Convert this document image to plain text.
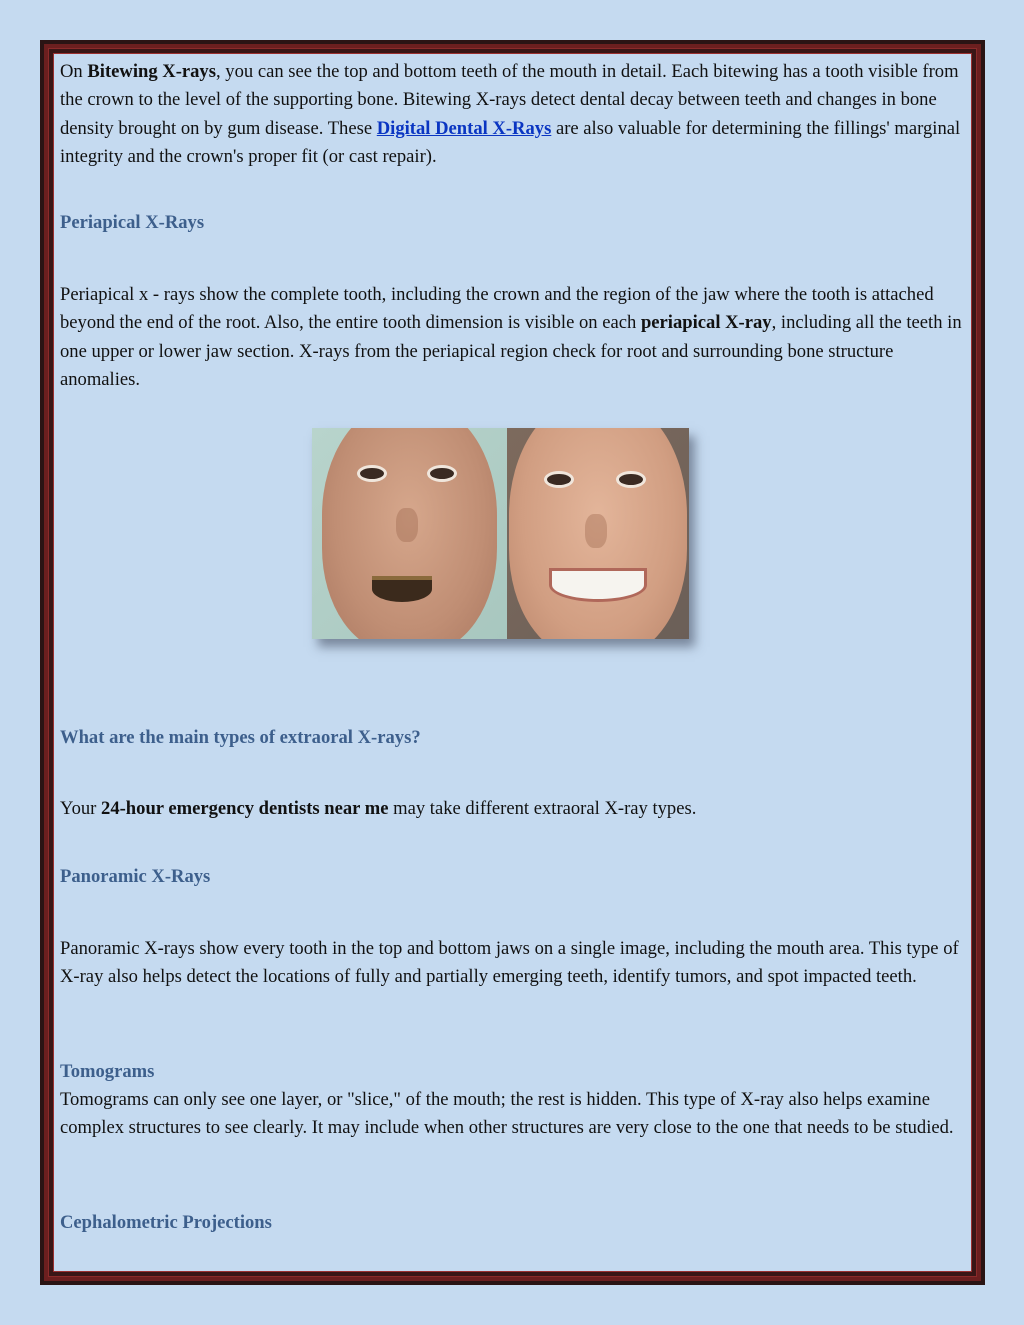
On Bitewing X-rays, you can see the top and bottom teeth of the mouth in detail. Each bitewing has a tooth visible from the crown to the level of the supporting bone. Bitewing X-rays detect dental decay between teeth and changes in bone density brought on by gum disease. These Digital Dental X-Rays are also valuable for determining the fillings' marginal integrity and the crown's proper fit (or cast repair).

Periapical X-Rays

Periapical x - rays show the complete tooth, including the crown and the region of the jaw where the tooth is attached beyond the end of the root. Also, the entire tooth dimension is visible on each periapical X-ray, including all the teeth in one upper or lower jaw section. X-rays from the periapical region check for root and surrounding bone structure anomalies.

What are the main types of extraoral X-rays?

Your 24-hour emergency dentists near me may take different extraoral X-ray types.

Panoramic X-Rays

Panoramic X-rays show every tooth in the top and bottom jaws on a single image, including the mouth area. This type of X-ray also helps detect the locations of fully and partially emerging teeth, identify tumors, and spot impacted teeth.

Tomograms

Tomograms can only see one layer, or "slice," of the mouth; the rest is hidden. This type of X-ray also helps examine complex structures to see clearly. It may include when other structures are very close to the one that needs to be studied.

Cephalometric Projections
